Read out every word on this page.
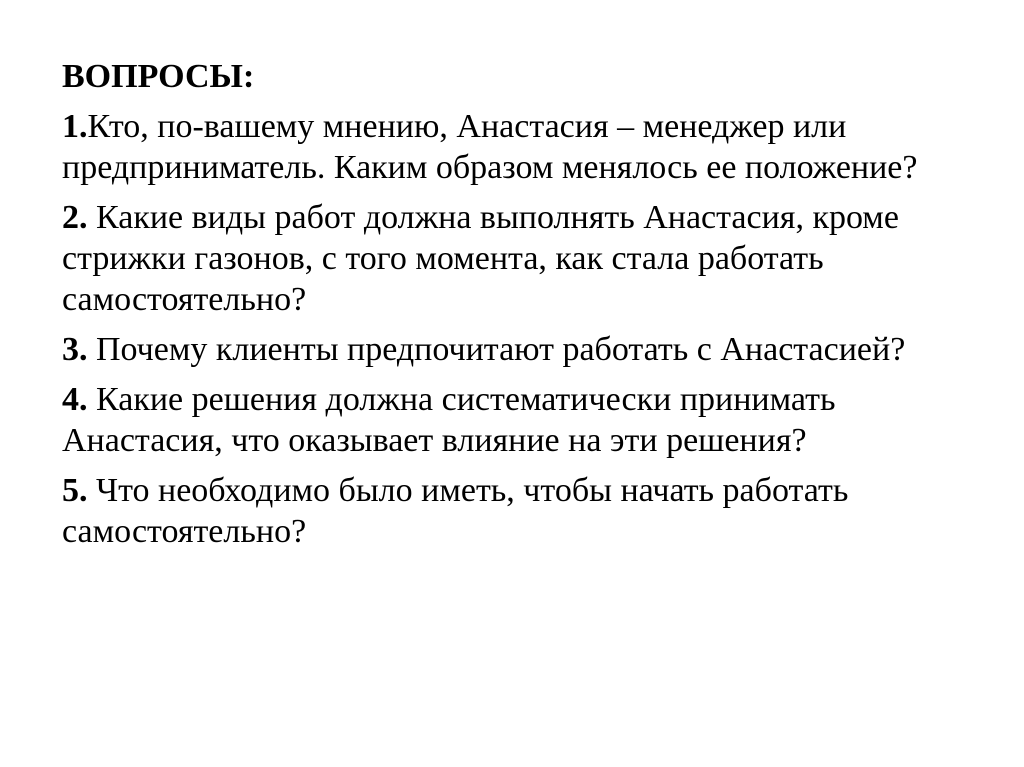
ВОПРОСЫ:
1.Кто, по-вашему мнению, Анастасия – менеджер или предприниматель. Каким образом менялось ее положение?
2. Какие виды работ должна выполнять Анастасия, кроме стрижки газонов, с того момента, как стала работать самостоятельно?
3. Почему клиенты предпочитают работать с Анастасией?
4. Какие решения должна систематически принимать Анастасия, что оказывает влияние на эти решения?
5. Что необходимо было иметь, чтобы начать работать самостоятельно?
